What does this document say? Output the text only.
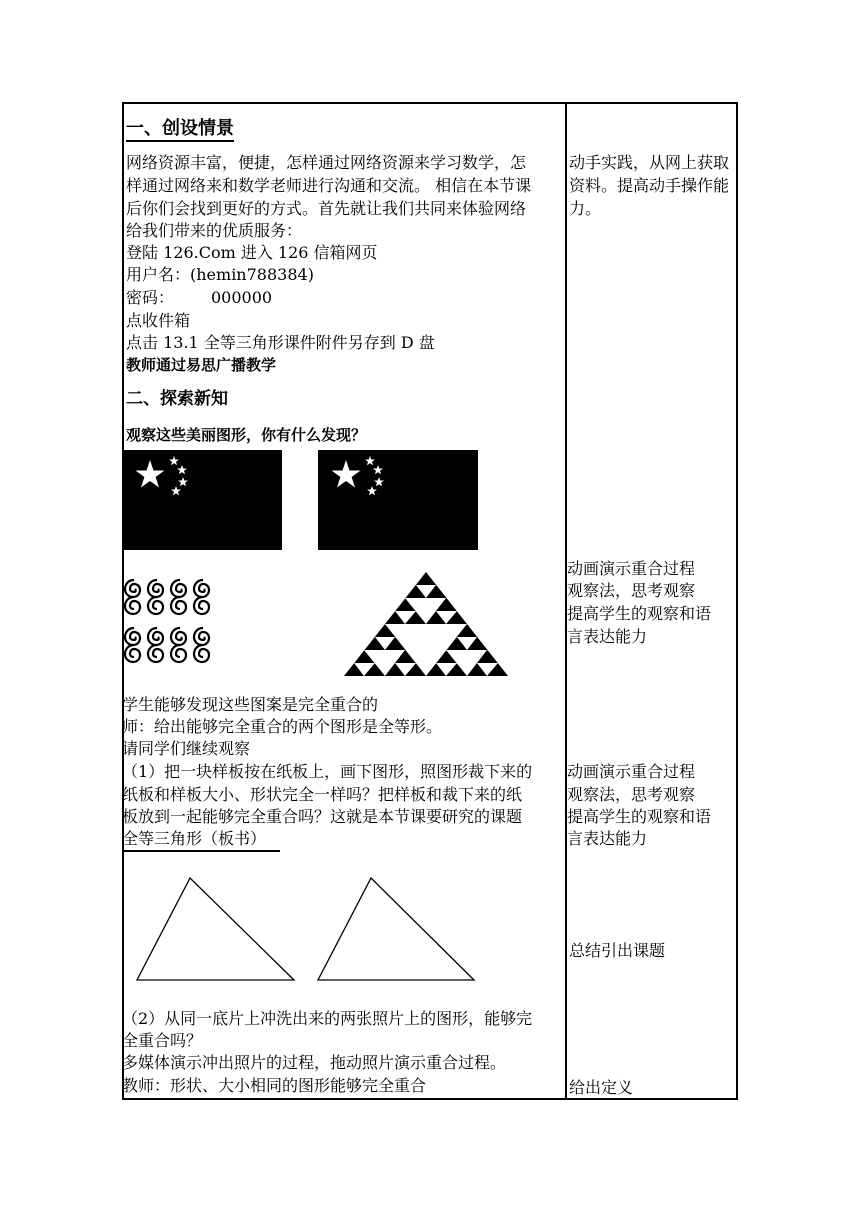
一、创设情景
网络资源丰富，便捷，怎样通过网络资源来学习数学，怎
样通过网络来和数学老师进行沟通和交流。 相信在本节课
后你们会找到更好的方式。首先就让我们共同来体验网络
给我们带来的优质服务：
登陆 126.Com 进入 126 信箱网页
用户名：(hemin788384)
密码： 000000
点收件箱
点击 13.1 全等三角形课件附件另存到 D 盘
教师通过易思广播教学
二、探索新知
观察这些美丽图形，你有什么发现？
学生能够发现这些图案是完全重合的
师：给出能够完全重合的两个图形是全等形。
请同学们继续观察
（1）把一块样板按在纸板上，画下图形，照图形裁下来的
纸板和样板大小、形状完全一样吗？把样板和裁下来的纸
板放到一起能够完全重合吗？这就是本节课要研究的课题
全等三角形（板书）
（2）从同一底片上冲洗出来的两张照片上的图形，能够完
全重合吗？
多媒体演示冲出照片的过程，拖动照片演示重合过程。
教师：形状、大小相同的图形能够完全重合
动手实践，从网上获取
资料。提高动手操作能
力。
动画演示重合过程
观察法，思考观察
提高学生的观察和语
言表达能力
动画演示重合过程
观察法，思考观察
提高学生的观察和语
言表达能力
总结引出课题
给出定义
